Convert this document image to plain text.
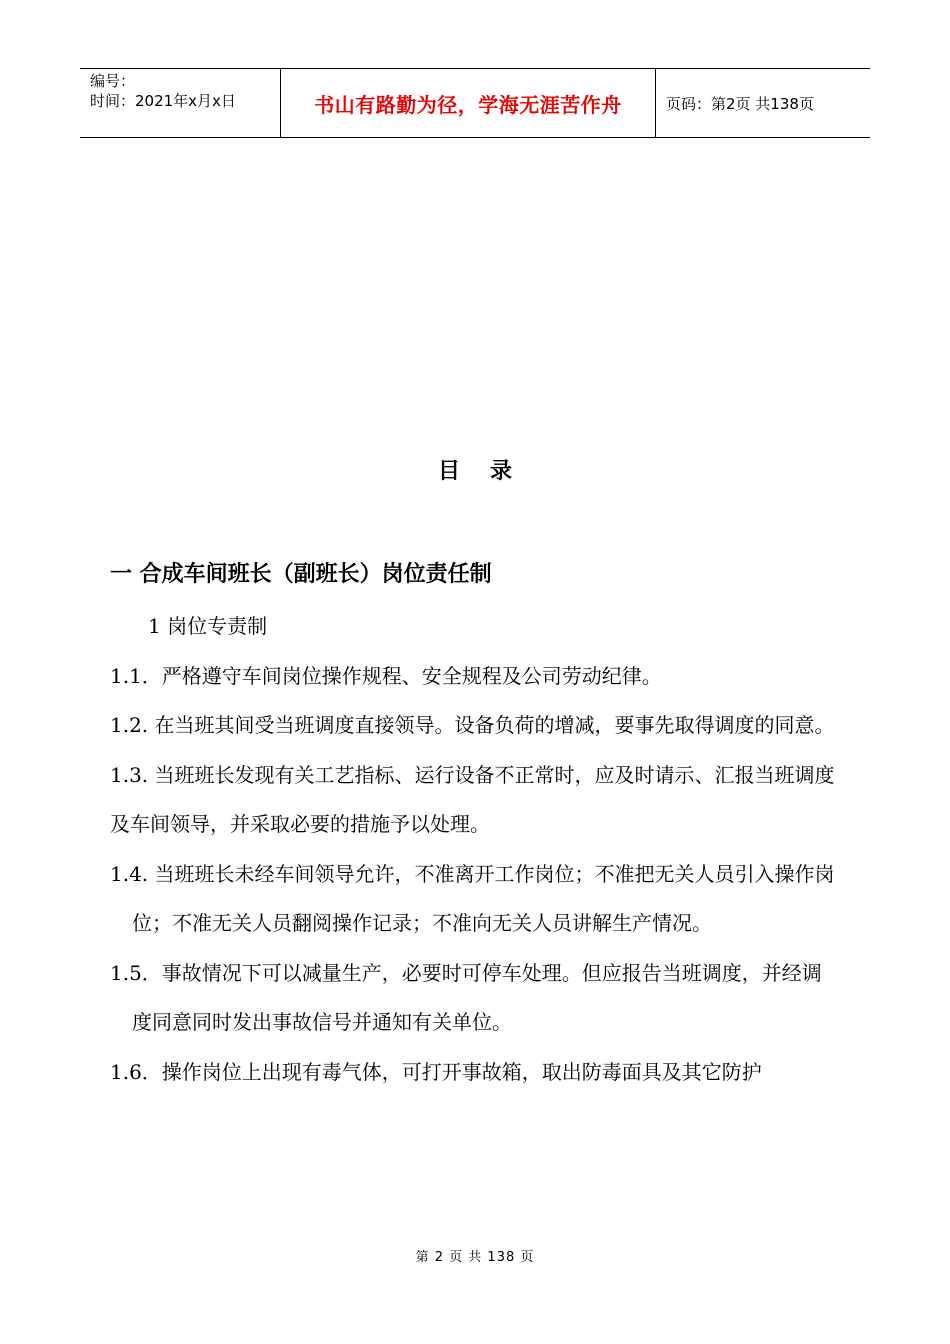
编号：
时间：2021年x月x日	书山有路勤为径，学海无涯苦作舟	页码：第2页 共138页
目录
一 合成车间班长（副班长）岗位责任制
1 岗位专责制

1.1．严格遵守车间岗位操作规程、安全规程及公司劳动纪律。

1.2. 在当班其间受当班调度直接领导。设备负荷的增减，要事先取得调度的同意。

1.3. 当班班长发现有关工艺指标、运行设备不正常时，应及时请示、汇报当班调度及车间领导，并采取必要的措施予以处理。

1.4. 当班班长未经车间领导允许，不准离开工作岗位；不准把无关人员引入操作岗位；不准无关人员翻阅操作记录；不准向无关人员讲解生产情况。

1.5．事故情况下可以减量生产，必要时可停车处理。但应报告当班调度，并经调度同意同时发出事故信号并通知有关单位。

1.6．操作岗位上出现有毒气体，可打开事故箱，取出防毒面具及其它防护

第 2 页 共 138 页
